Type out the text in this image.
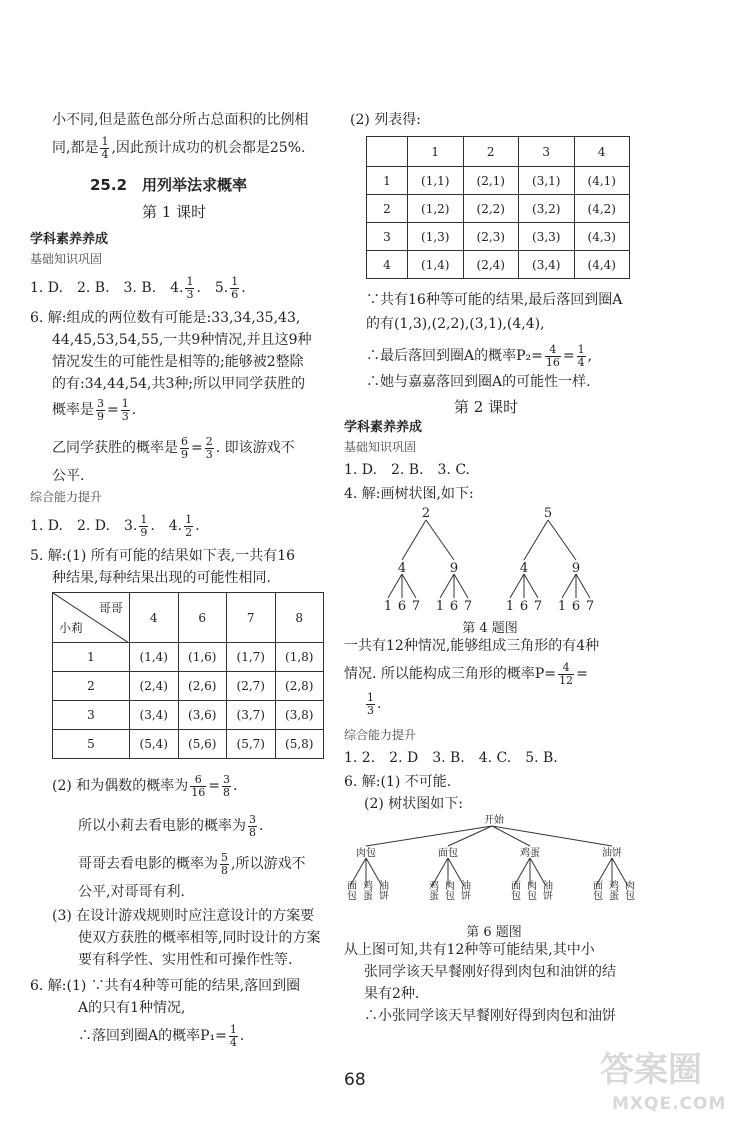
小不同,但是蓝色部分所占总面积的比例相
同,都是 $\frac{1}{4}$ ,因此预计成功的机会都是25%.
25.2　用列举法求概率
第 1 课时
学科素养养成
基础知识巩固
1. D.　2. B.　3. B.　4. $\frac{1}{3}$ .　5. $\frac{1}{6}$ .
6. 解:组成的两位数有可能是:33,34,35,43,
44,45,53,54,55,一共9种情况,并且这9种
情况发生的可能性是相等的;能够被2整除
的有:34,44,54,共3种;所以甲同学获胜的
概率是 $\frac{3}{9} = \frac{1}{3}$ .
乙同学获胜的概率是 $\frac{6}{9} = \frac{2}{3}$ . 即该游戏不
公平.
综合能力提升
1. D.　2. D.　3. $\frac{1}{9}$ .　4. $\frac{1}{2}$ .
5. 解:(1) 所有可能的结果如下表,一共有16
种结果,每种结果出现的可能性相同.
哥哥
小莉	4	6	7	8
1	(1,4)	(1,6)	(1,7)	(1,8)
2	(2,4)	(2,6)	(2,7)	(2,8)
3	(3,4)	(3,6)	(3,7)	(3,8)
5	(5,4)	(5,6)	(5,7)	(5,8)
(2) 和为偶数的概率为 $\frac{6}{16} = \frac{3}{8}$ .
所以小莉去看电影的概率为 $\frac{3}{8}$ .
哥哥去看电影的概率为 $\frac{5}{8}$ ,所以游戏不
公平,对哥哥有利.
(3) 在设计游戏规则时应注意设计的方案要
使双方获胜的概率相等,同时设计的方案
要有科学性、实用性和可操作性等.
6. 解:(1) ∵共有4种等可能的结果,落回到圈
A的只有1种情况,
∴落回到圈A的概率$P_1= \frac{1}{4}$ .
(2) 列表得:
	1	2	3	4
1	(1,1)	(2,1)	(3,1)	(4,1)
2	(1,2)	(2,2)	(3,2)	(4,2)
3	(1,3)	(2,3)	(3,3)	(4,3)
4	(1,4)	(2,4)	(3,4)	(4,4)
∵共有16种等可能的结果,最后落回到圈A
的有(1,3),(2,2),(3,1),(4,4),
∴最后落回到圈A的概率$P_2= \frac{4}{16} = \frac{1}{4}$ ,
∴她与嘉嘉落回到圈A的可能性一样.
第 2 课时
学科素养养成
基础知识巩固
1. D.　2. B.　3. C.
4. 解:画树状图,如下:
2	5
4	9	4	9
1 6 7 1 6 7	1 6 7 1 6 7
第 4 题图
一共有12种情况,能够组成三角形的有4种
情况. 所以能构成三角形的概率$P= \frac{4}{12}$ =
$\frac{1}{3}$ .
综合能力提升
1. 2.　2. D　3. B.　4. C.　5. B.
6. 解:(1) 不可能.
(2) 树状图如下:
开始
肉包	面包	鸡蛋	油饼
面包 鸡蛋 油饼	鸡蛋 肉包 油饼	面包 肉包 油饼	面包 鸡蛋 肉包
第 6 题图
从上图可知,共有12种等可能结果,其中小
张同学该天早餐刚好得到肉包和油饼的结
果有2种.
∴小张同学该天早餐刚好得到肉包和油饼
68	答案圈
MXQE.COM
